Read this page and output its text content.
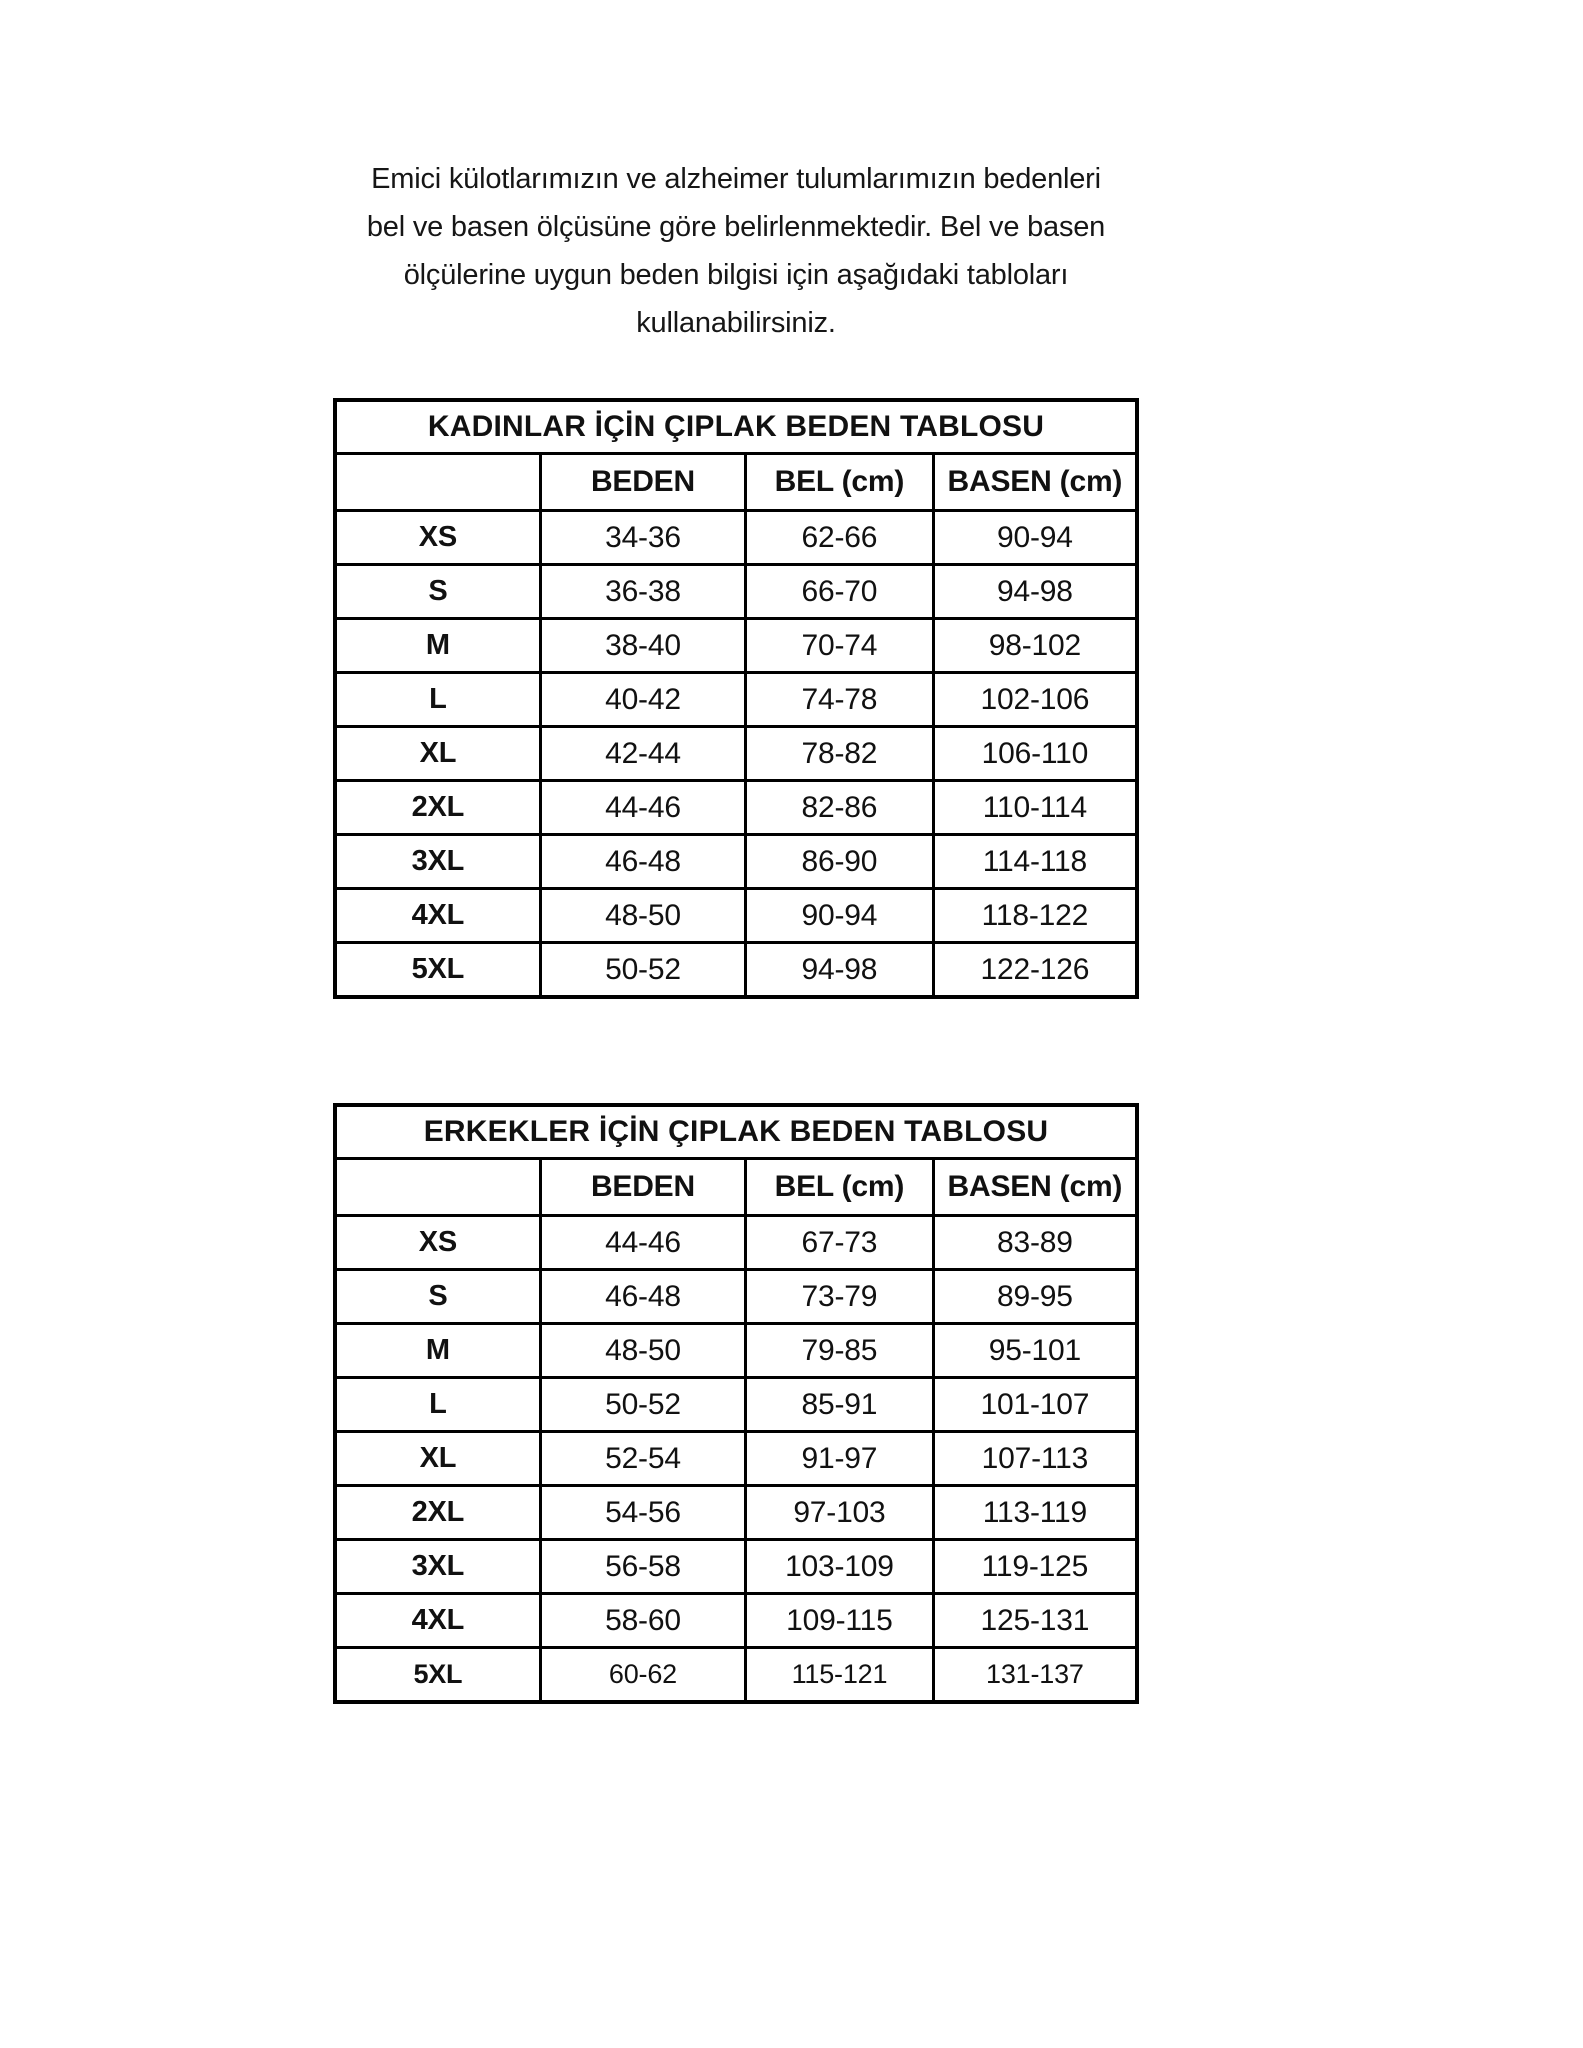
Emici külotlarımızın ve alzheimer tulumlarımızın bedenleri
bel ve basen ölçüsüne göre belirlenmektedir. Bel ve basen
ölçülerine uygun beden bilgisi için aşağıdaki tabloları
kullanabilirsiniz.
KADINLAR İÇİN ÇIPLAK BEDEN TABLOSU			
	BEDEN	BEL (cm)	BASEN (cm)
XS	34-36	62-66	90-94
S	36-38	66-70	94-98
M	38-40	70-74	98-102
L	40-42	74-78	102-106
XL	42-44	78-82	106-110
2XL	44-46	82-86	110-114
3XL	46-48	86-90	114-118
4XL	48-50	90-94	118-122
5XL	50-52	94-98	122-126
ERKEKLER İÇİN ÇIPLAK BEDEN TABLOSU			
	BEDEN	BEL (cm)	BASEN (cm)
XS	44-46	67-73	83-89
S	46-48	73-79	89-95
M	48-50	79-85	95-101
L	50-52	85-91	101-107
XL	52-54	91-97	107-113
2XL	54-56	97-103	113-119
3XL	56-58	103-109	119-125
4XL	58-60	109-115	125-131
5XL	60-62	115-121	131-137
